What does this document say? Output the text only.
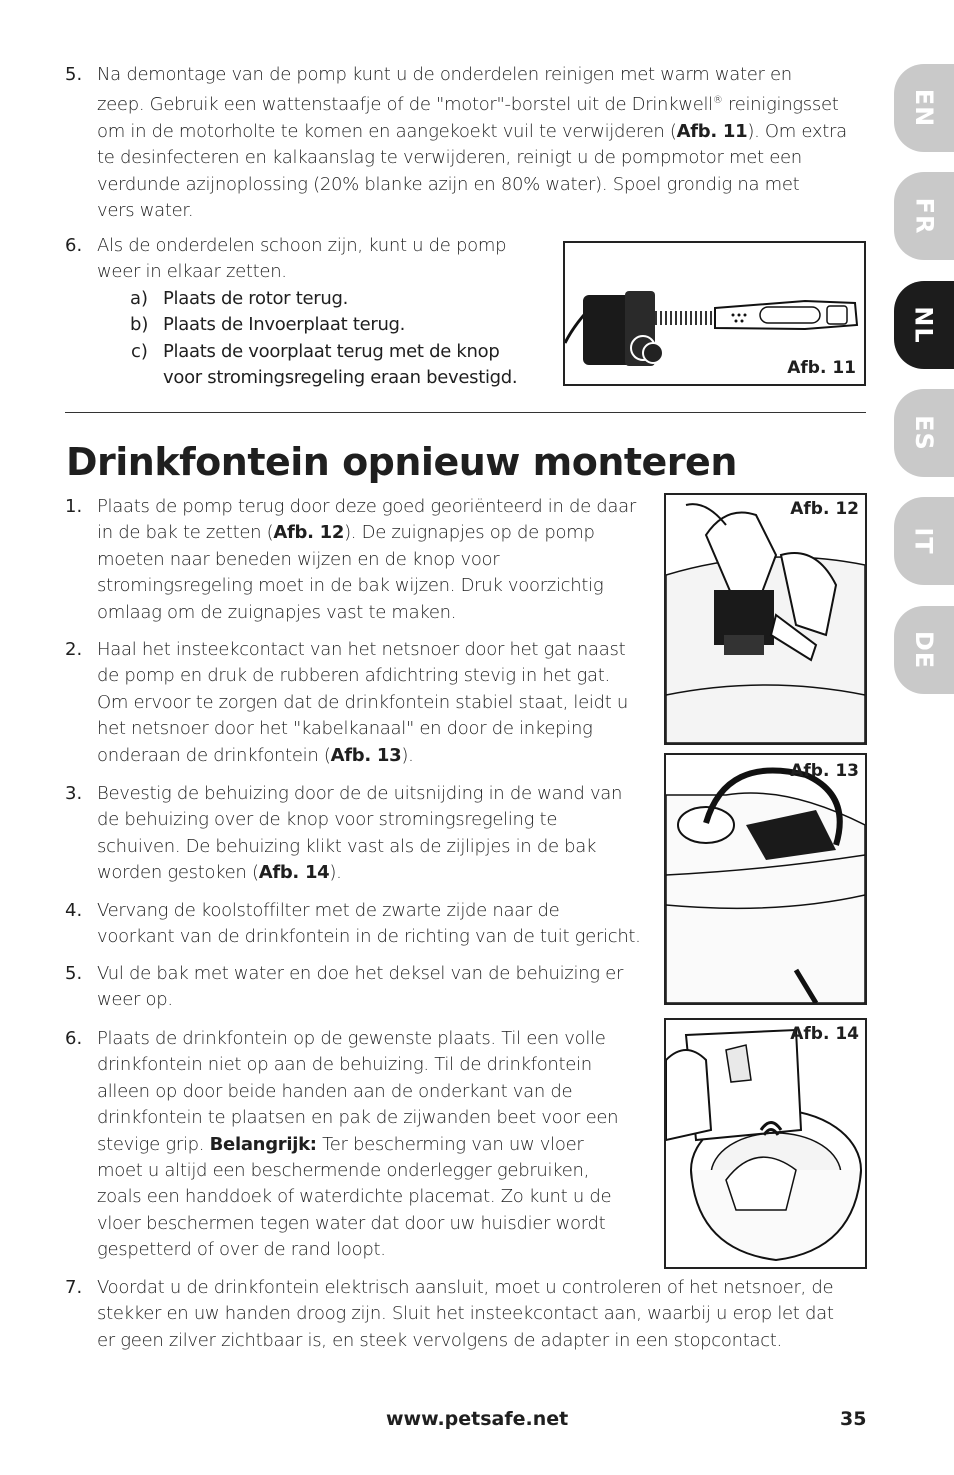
EN
FR
NL
ES
IT
DE
5. Na demontage van de pomp kunt u de onderdelen reinigen met warm water en
zeep. Gebruik een wattenstaafje of de "motor"-borstel uit de Drinkwell® reinigingsset
om in de motorholte te komen en aangekoekt vuil te verwijderen (Afb. 11). Om extra
te desinfecteren en kalkaanslag te verwijderen, reinigt u de pompmotor met een
verdunde azijnoplossing (20% blanke azijn en 80% water). Spoel grondig na met
vers water.
6. Als de onderdelen schoon zijn, kunt u de pomp
weer in elkaar zetten.
a) Plaats de rotor terug.
b) Plaats de Invoerplaat terug.
c) Plaats de voorplaat terug met de knop
voor stromingsregeling eraan bevestigd.	Afb. 11
Drinkfontein opnieuw monteren
Afb. 12
Afb. 13
Afb. 14
1. Plaats de pomp terug door deze goed georiënteerd in de daar
in de bak te zetten (Afb. 12). De zuignapjes op de pomp
moeten naar beneden wijzen en de knop voor
stromingsregeling moet in de bak wijzen. Druk voorzichtig
omlaag om de zuignapjes vast te maken.
2. Haal het insteekcontact van het netsnoer door het gat naast
de pomp en druk de rubberen afdichtring stevig in het gat.
Om ervoor te zorgen dat de drinkfontein stabiel staat, leidt u
het netsnoer door het "kabelkanaal" en door de inkeping
onderaan de drinkfontein (Afb. 13).
3. Bevestig de behuizing door de de uitsnijding in de wand van
de behuizing over de knop voor stromingsregeling te
schuiven. De behuizing klikt vast als de zijlipjes in de bak
worden gestoken (Afb. 14).
4. Vervang de koolstoffilter met de zwarte zijde naar de
voorkant van de drinkfontein in de richting van de tuit gericht.
5. Vul de bak met water en doe het deksel van de behuizing er
weer op.
6. Plaats de drinkfontein op de gewenste plaats. Til een volle
drinkfontein niet op aan de behuizing. Til de drinkfontein
alleen op door beide handen aan de onderkant van de
drinkfontein te plaatsen en pak de zijwanden beet voor een
stevige grip. Belangrijk: Ter bescherming van uw vloer
moet u altijd een beschermende onderlegger gebruiken,
zoals een handdoek of waterdichte placemat. Zo kunt u de
vloer beschermen tegen water dat door uw huisdier wordt
gespetterd of over de rand loopt.
7. Voordat u de drinkfontein elektrisch aansluit, moet u controleren of het netsnoer, de
stekker en uw handen droog zijn. Sluit het insteekcontact aan, waarbij u erop let dat
er geen zilver zichtbaar is, en steek vervolgens de adapter in een stopcontact.
www.petsafe.net	35
